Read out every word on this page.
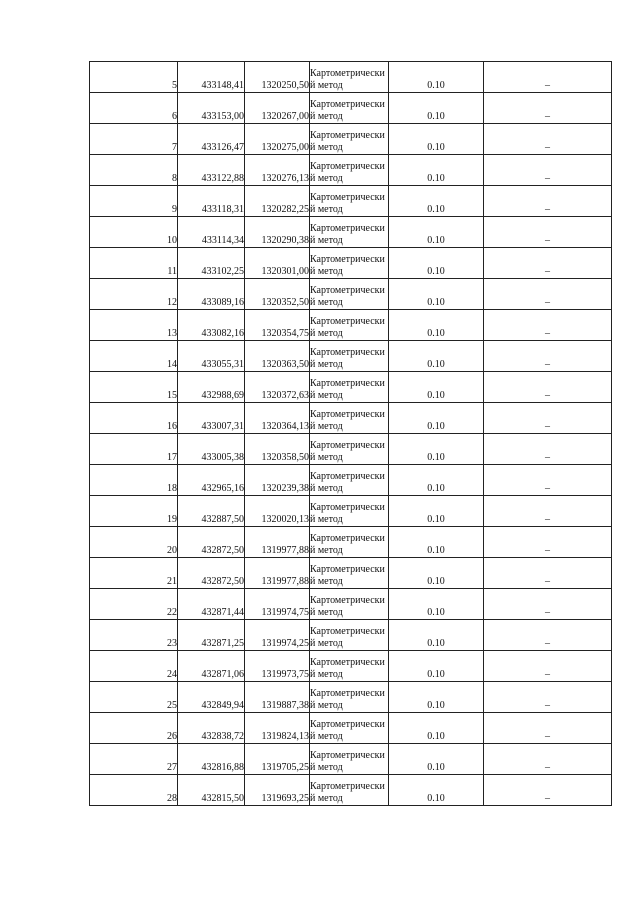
5	433148,41	1320250,50	Картометрический метод	0.10	–
6	433153,00	1320267,00	Картометрический метод	0.10	–
7	433126,47	1320275,00	Картометрический метод	0.10	–
8	433122,88	1320276,13	Картометрический метод	0.10	–
9	433118,31	1320282,25	Картометрический метод	0.10	–
10	433114,34	1320290,38	Картометрический метод	0.10	–
11	433102,25	1320301,00	Картометрический метод	0.10	–
12	433089,16	1320352,50	Картометрический метод	0.10	–
13	433082,16	1320354,75	Картометрический метод	0.10	–
14	433055,31	1320363,50	Картометрический метод	0.10	–
15	432988,69	1320372,63	Картометрический метод	0.10	–
16	433007,31	1320364,13	Картометрический метод	0.10	–
17	433005,38	1320358,50	Картометрический метод	0.10	–
18	432965,16	1320239,38	Картометрический метод	0.10	–
19	432887,50	1320020,13	Картометрический метод	0.10	–
20	432872,50	1319977,88	Картометрический метод	0.10	–
21	432872,50	1319977,88	Картометрический метод	0.10	–
22	432871,44	1319974,75	Картометрический метод	0.10	–
23	432871,25	1319974,25	Картометрический метод	0.10	–
24	432871,06	1319973,75	Картометрический метод	0.10	–
25	432849,94	1319887,38	Картометрический метод	0.10	–
26	432838,72	1319824,13	Картометрический метод	0.10	–
27	432816,88	1319705,25	Картометрический метод	0.10	–
28	432815,50	1319693,25	Картометрический метод	0.10	–
